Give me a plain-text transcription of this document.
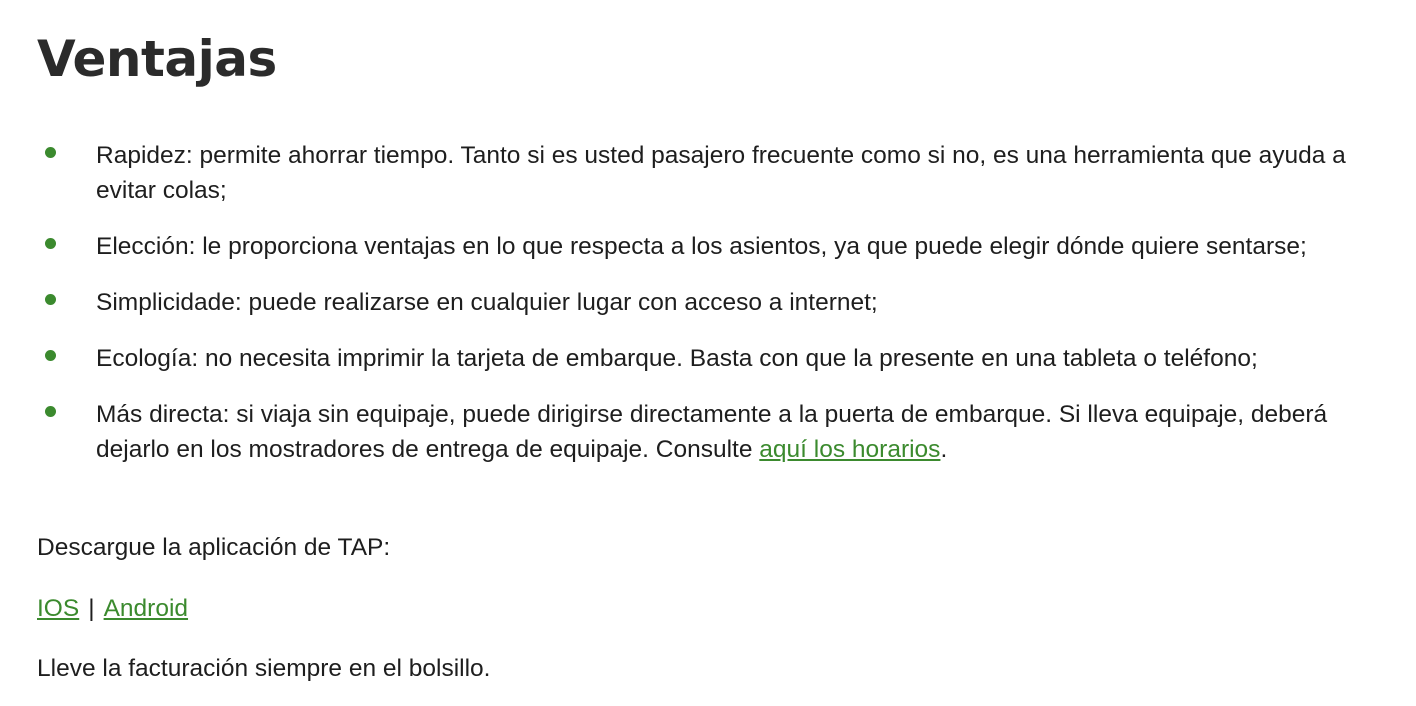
Ventajas
Rapidez: permite ahorrar tiempo. Tanto si es usted pasajero frecuente como si no, es una herramienta que ayuda a evitar colas;
Elección: le proporciona ventajas en lo que respecta a los asientos, ya que puede elegir dónde quiere sentarse;
Simplicidade: puede realizarse en cualquier lugar con acceso a internet;
Ecología: no necesita imprimir la tarjeta de embarque. Basta con que la presente en una tableta o teléfono;
Más directa: si viaja sin equipaje, puede dirigirse directamente a la puerta de embarque. Si lleva equipaje, deberá dejarlo en los mostradores de entrega de equipaje. Consulte aquí los horarios.

Descargue la aplicación de TAP:

IOS | Android

Lleve la facturación siempre en el bolsillo.
